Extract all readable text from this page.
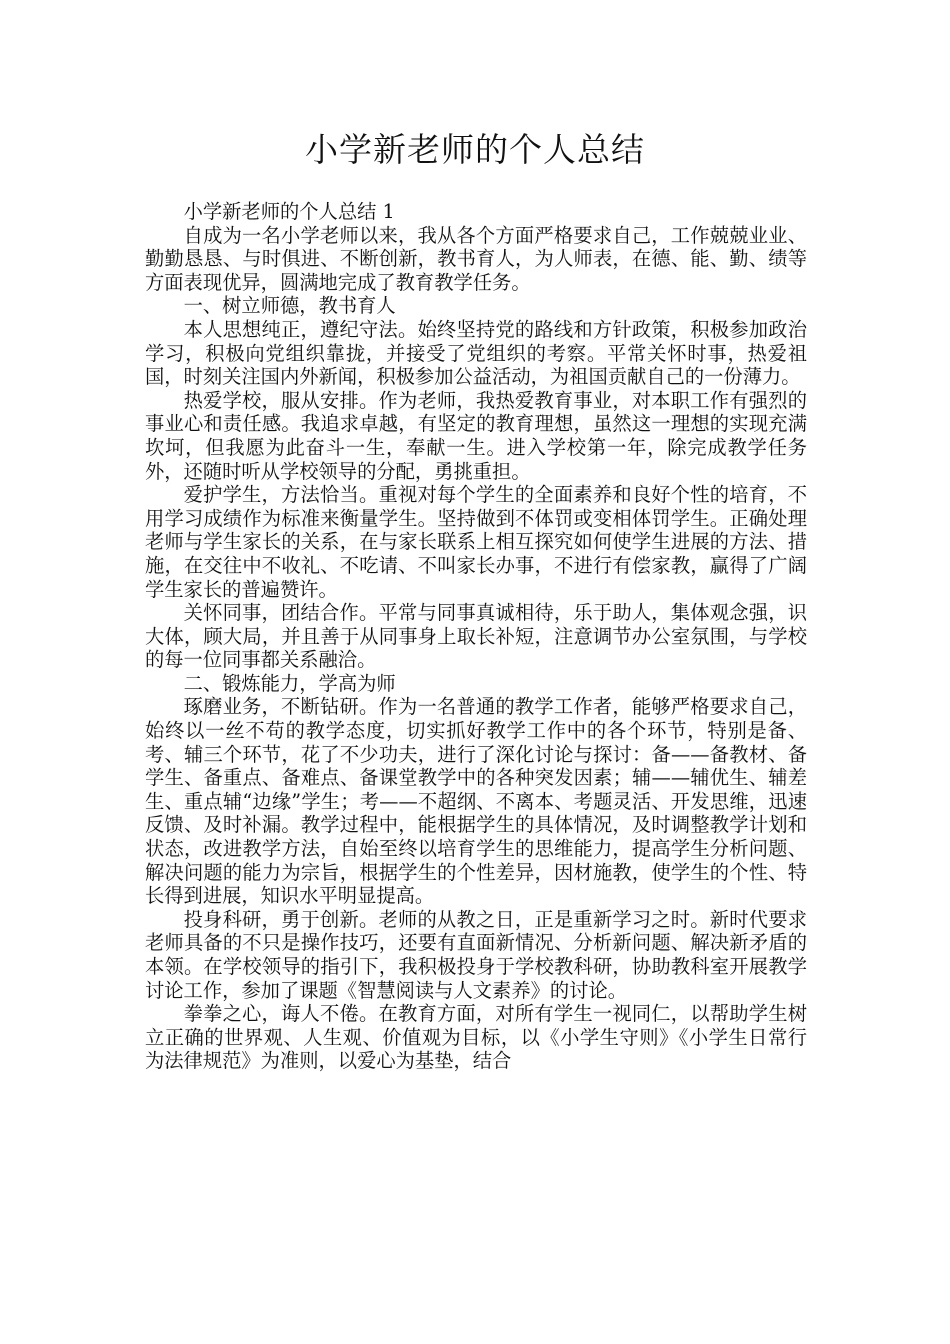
小学新老师的个人总结

小学新老师的个人总结 1

自成为一名小学老师以来，我从各个方面严格要求自己，工作兢兢业业、勤勤恳恳、与时俱进、不断创新，教书育人，为人师表，在德、能、勤、绩等方面表现优异，圆满地完成了教育教学任务。

一、树立师德，教书育人

本人思想纯正，遵纪守法。始终坚持党的路线和方针政策，积极参加政治学习，积极向党组织靠拢，并接受了党组织的考察。平常关怀时事，热爱祖国，时刻关注国内外新闻，积极参加公益活动，为祖国贡献自己的一份薄力。

热爱学校，服从安排。作为老师，我热爱教育事业，对本职工作有强烈的事业心和责任感。我追求卓越，有坚定的教育理想，虽然这一理想的实现充满坎坷，但我愿为此奋斗一生，奉献一生。进入学校第一年，除完成教学任务外，还随时听从学校领导的分配，勇挑重担。

爱护学生，方法恰当。重视对每个学生的全面素养和良好个性的培育，不用学习成绩作为标准来衡量学生。坚持做到不体罚或变相体罚学生。正确处理老师与学生家长的关系，在与家长联系上相互探究如何使学生进展的方法、措施，在交往中不收礼、不吃请、不叫家长办事，不进行有偿家教，赢得了广阔学生家长的普遍赞许。

关怀同事，团结合作。平常与同事真诚相待，乐于助人，集体观念强，识大体，顾大局，并且善于从同事身上取长补短，注意调节办公室氛围，与学校的每一位同事都关系融洽。

二、锻炼能力，学高为师

琢磨业务，不断钻研。作为一名普通的教学工作者，能够严格要求自己，始终以一丝不苟的教学态度，切实抓好教学工作中的各个环节，特别是备、考、辅三个环节，花了不少功夫，进行了深化讨论与探讨：备——备教材、备学生、备重点、备难点、备课堂教学中的各种突发因素；辅——辅优生、辅差生、重点辅“边缘”学生；考——不超纲、不离本、考题灵活、开发思维，迅速反馈、及时补漏。教学过程中，能根据学生的具体情况，及时调整教学计划和状态，改进教学方法，自始至终以培育学生的思维能力，提高学生分析问题、解决问题的能力为宗旨，根据学生的个性差异，因材施教，使学生的个性、特长得到进展，知识水平明显提高。

投身科研，勇于创新。老师的从教之日，正是重新学习之时。新时代要求老师具备的不只是操作技巧，还要有直面新情况、分析新问题、解决新矛盾的本领。在学校领导的指引下，我积极投身于学校教科研，协助教科室开展教学讨论工作，参加了课题《智慧阅读与人文素养》的讨论。

拳拳之心，诲人不倦。在教育方面，对所有学生一视同仁，以帮助学生树立正确的世界观、人生观、价值观为目标，以《小学生守则》《小学生日常行为法律规范》为准则，以爱心为基垫，结合
